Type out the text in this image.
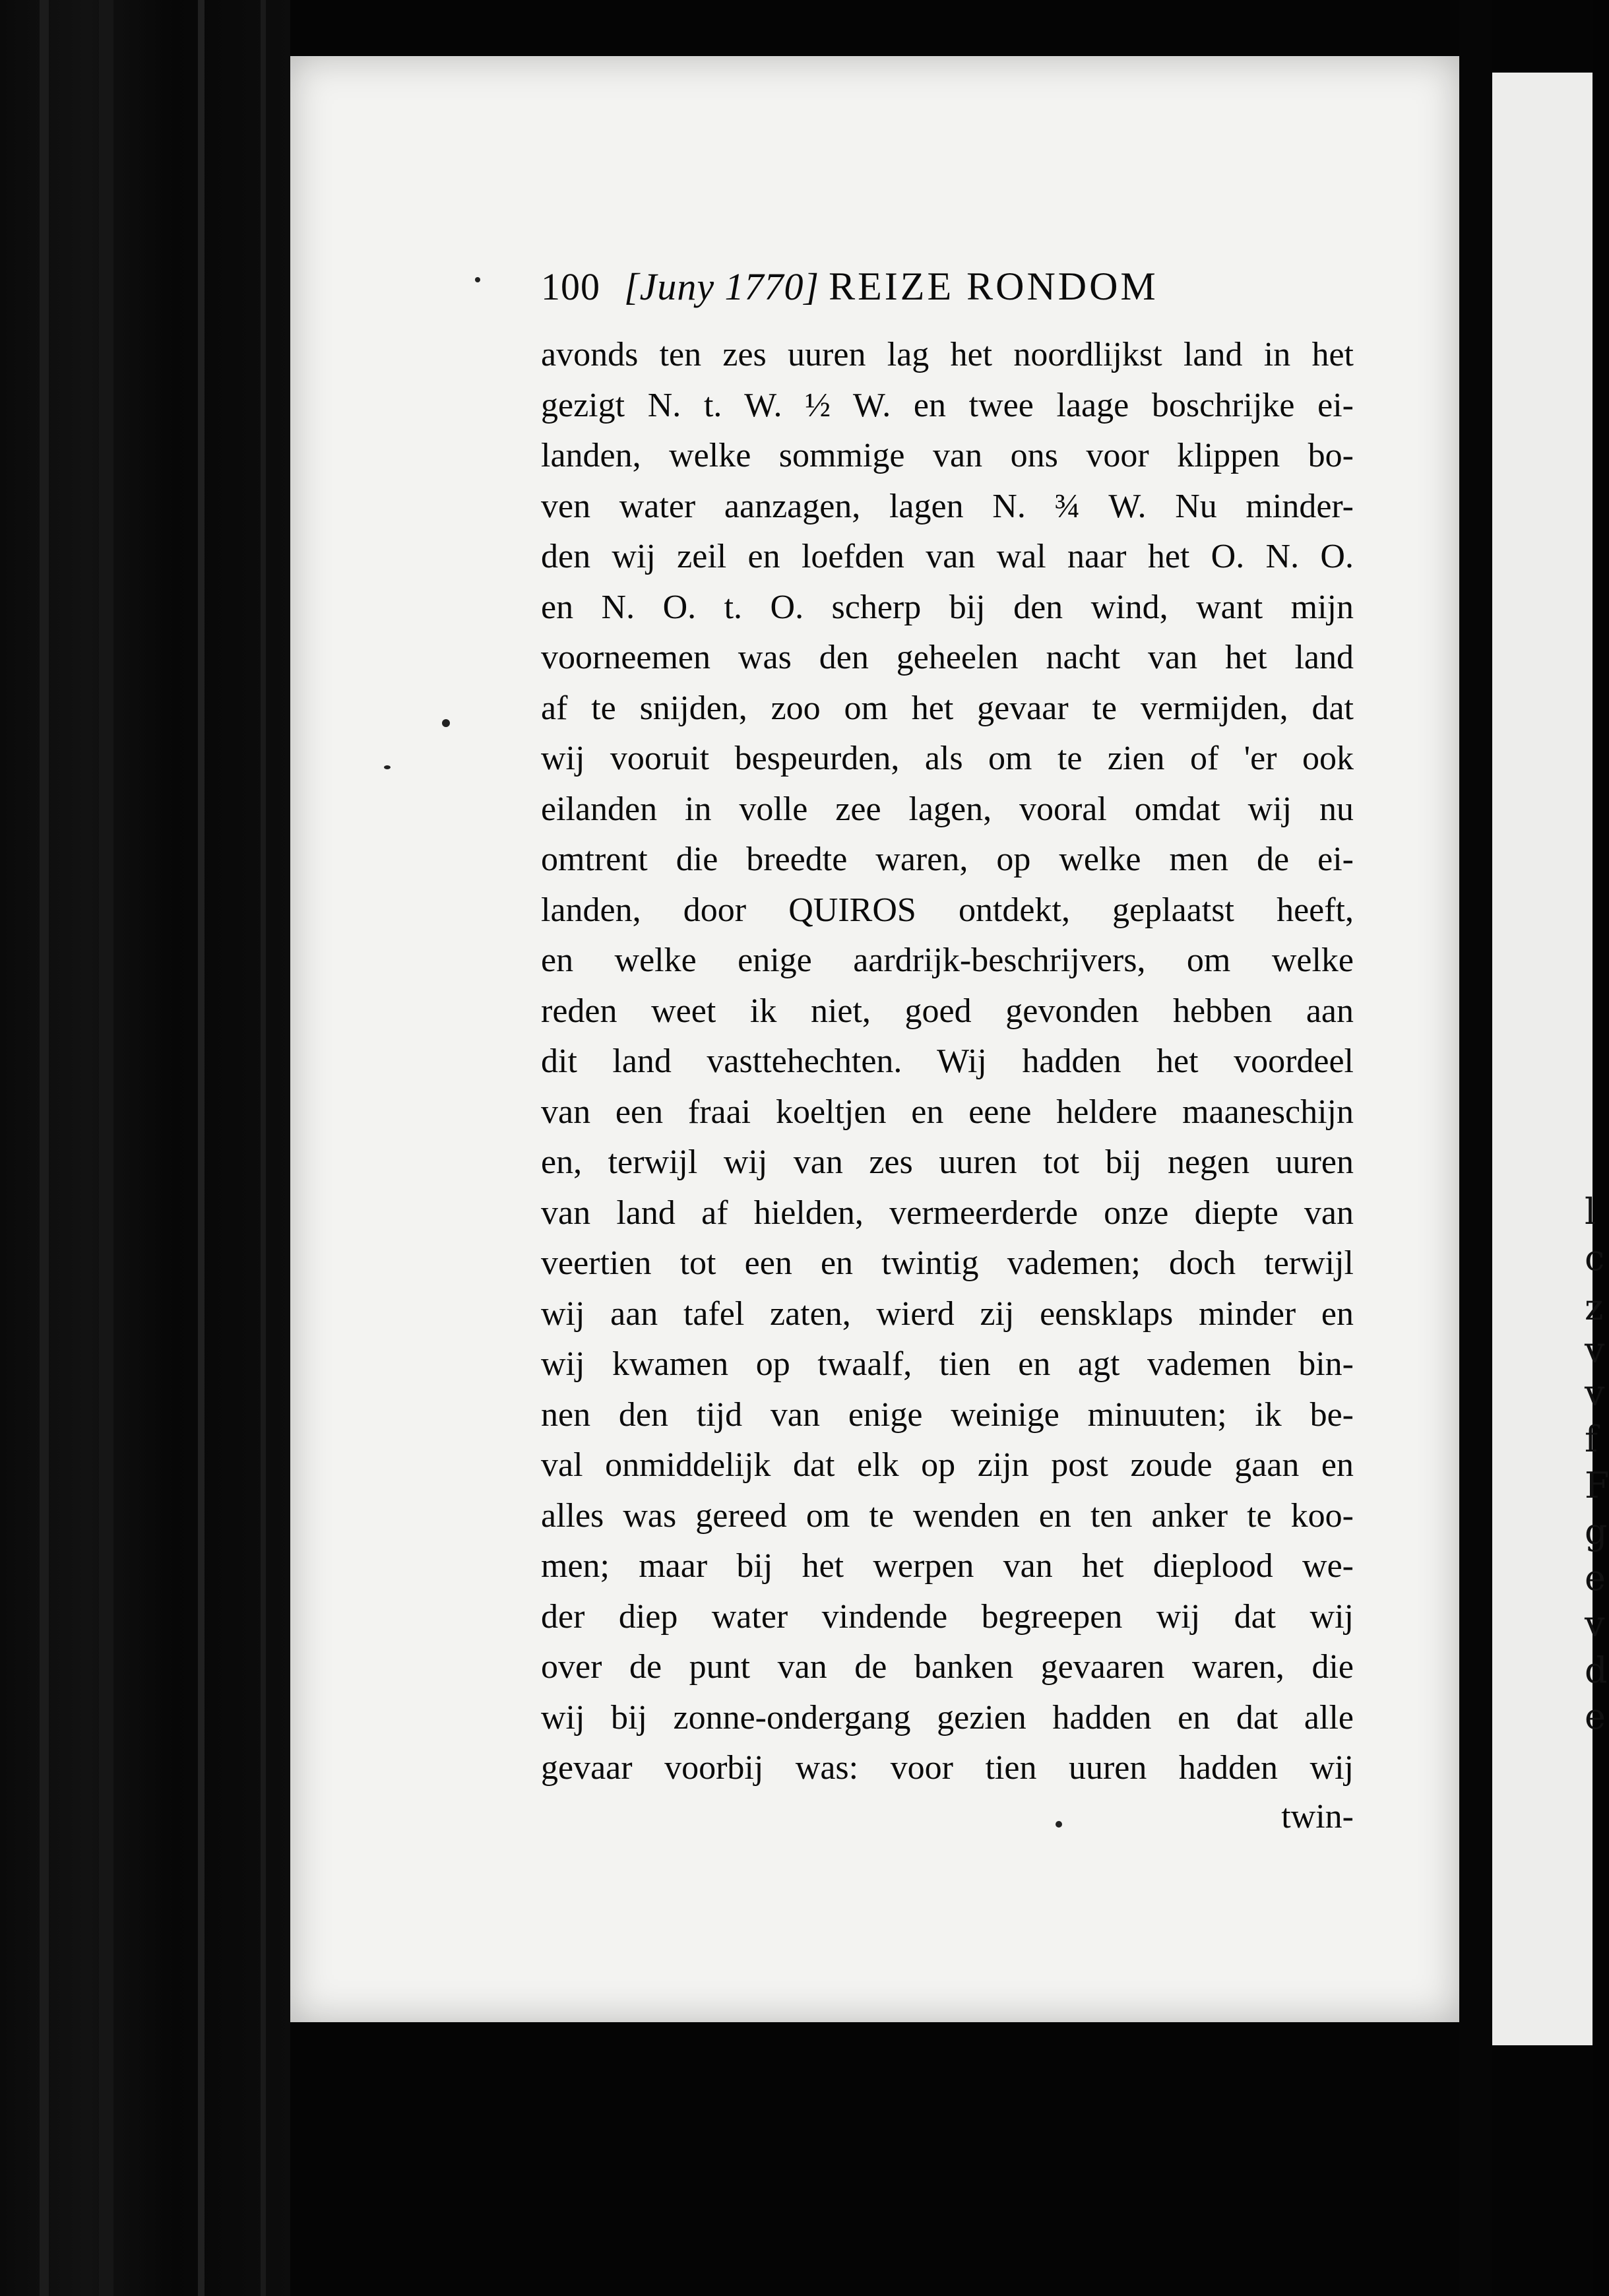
100 [Juny 1770] REIZE RONDOM
avonds ten zes uuren lag het noordlijkst land in het
gezigt N. t. W. ½ W. en twee laage boschrijke ei-
landen, welke sommige van ons voor klippen bo-
ven water aanzagen, lagen N. ¾ W. Nu minder-
den wij zeil en loefden van wal naar het O. N. O.
en N. O. t. O. scherp bij den wind, want mijn
voorneemen was den geheelen nacht van het land
af te snijden, zoo om het gevaar te vermijden, dat
wij vooruit bespeurden, als om te zien of 'er ook
eilanden in volle zee lagen, vooral omdat wij nu
omtrent die breedte waren, op welke men de ei-
landen, door QUIROS ontdekt, geplaatst heeft,
en welke enige aardrijk-beschrijvers, om welke
reden weet ik niet, goed gevonden hebben aan
dit land vasttehechten. Wij hadden het voordeel
van een fraai koeltjen en eene heldere maaneschijn
en, terwijl wij van zes uuren tot bij negen uuren
van land af hielden, vermeerderde onze diepte van
veertien tot een en twintig vademen; doch terwijl
wij aan tafel zaten, wierd zij eensklaps minder en
wij kwamen op twaalf, tien en agt vademen bin-
nen den tijd van enige weinige minuuten; ik be-
val onmiddelijk dat elk op zijn post zoude gaan en
alles was gereed om te wenden en ten anker te koo-
men; maar bij het werpen van het dieplood we-
der diep water vindende begreepen wij dat wij
over de punt van de banken gevaaren waren, die
wij bij zonne-ondergang gezien hadden en dat alle
gevaar voorbij was: voor tien uuren hadden wij
twin-
l
c
z
v
v
f
F
g
e
v
d
e
